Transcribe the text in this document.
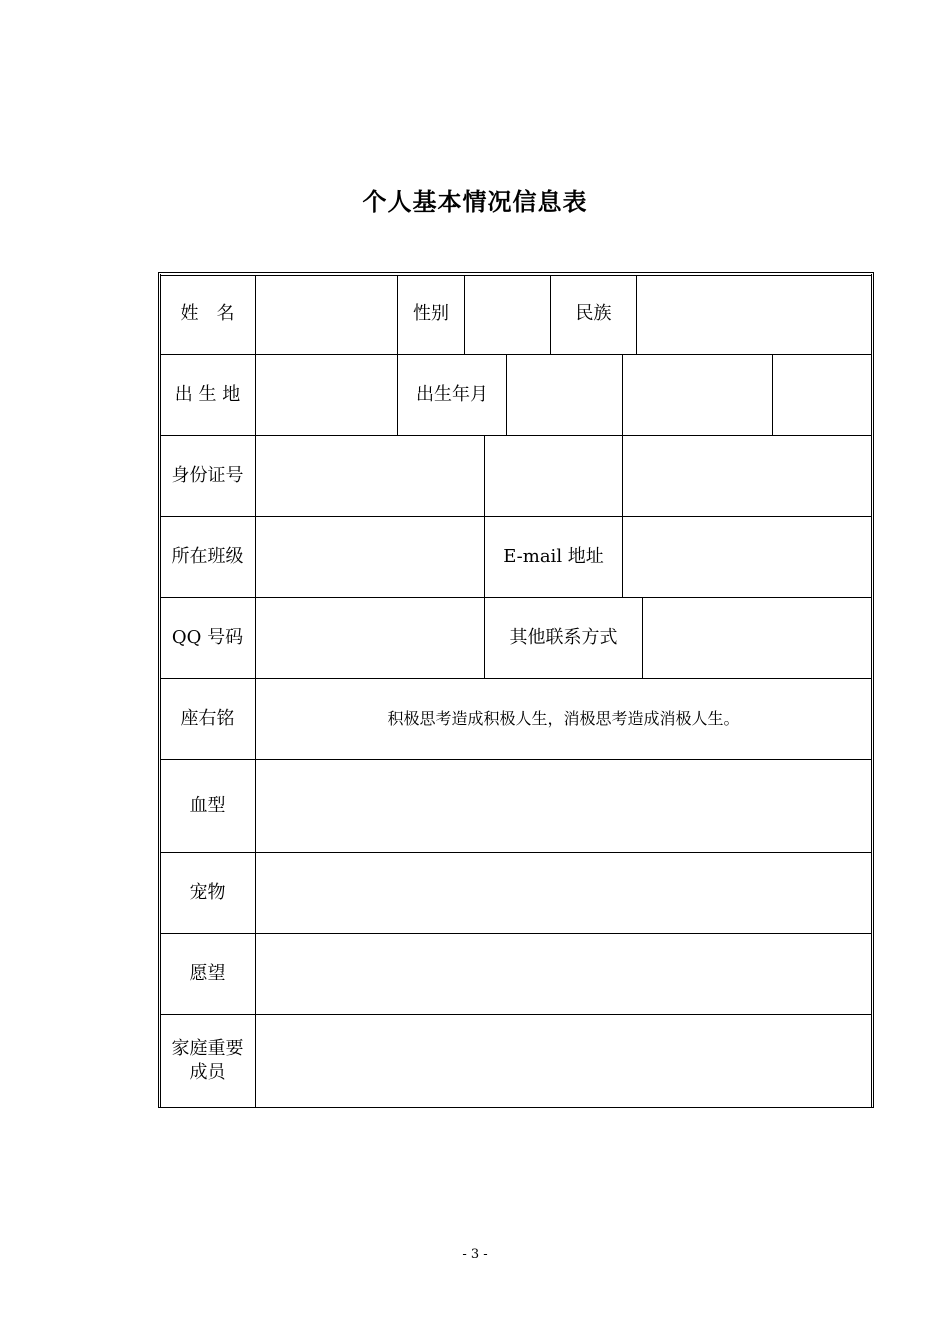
个人基本情况信息表
姓　名	性别	民族
出 生 地	出生年月
身份证号
所在班级	E-mail 地址
QQ 号码	其他联系方式
座右铭	积极思考造成积极人生，消极思考造成消极人生。
血型
宠物
愿望
家庭重要成员
- 3 -
